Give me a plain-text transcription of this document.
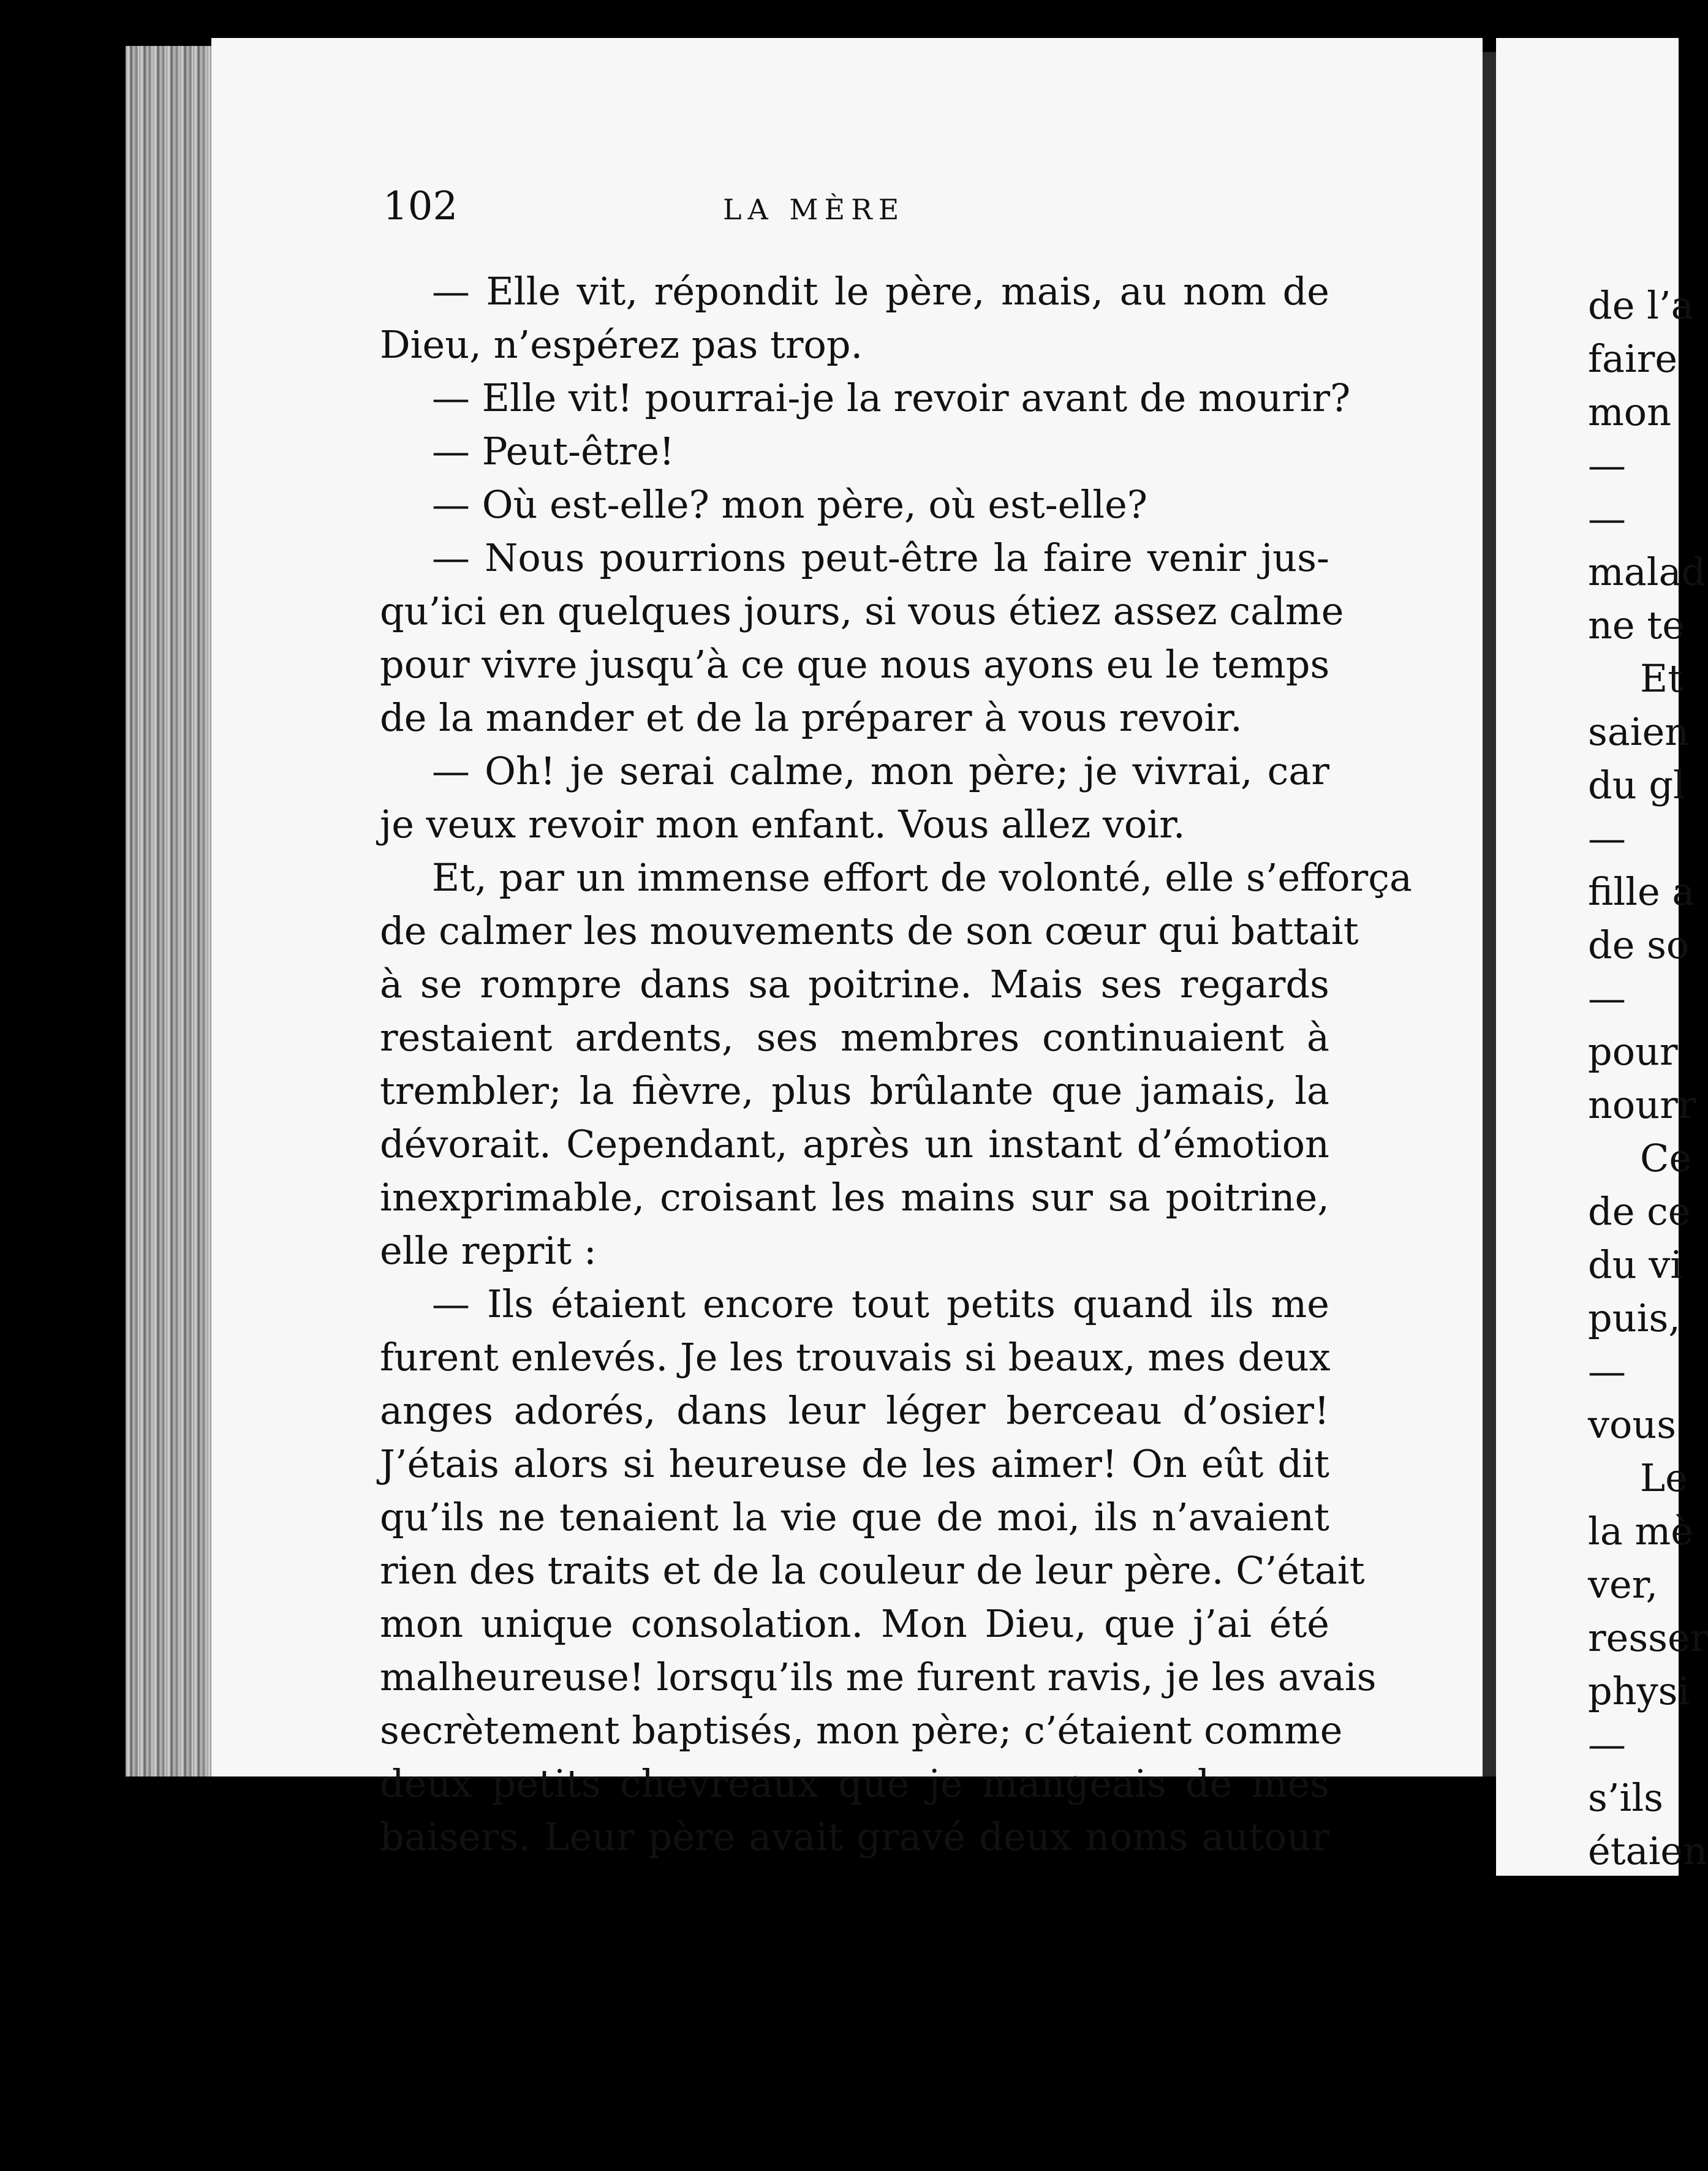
102	LA MÈRE
— Elle vit, répondit le père, mais, au nom de
Dieu, n’espérez pas trop.
— Elle vit! pourrai-je la revoir avant de mourir?
— Peut-être!
— Où est-elle? mon père, où est-elle?
— Nous pourrions peut-être la faire venir jus-
qu’ici en quelques jours, si vous étiez assez calme
pour vivre jusqu’à ce que nous ayons eu le temps
de la mander et de la préparer à vous revoir.
— Oh! je serai calme, mon père; je vivrai, car
je veux revoir mon enfant. Vous allez voir.
Et, par un immense effort de volonté, elle s’efforça
de calmer les mouvements de son cœur qui battait
à se rompre dans sa poitrine. Mais ses regards
restaient ardents, ses membres continuaient à
trembler; la fièvre, plus brûlante que jamais, la
dévorait. Cependant, après un instant d’émotion
inexprimable, croisant les mains sur sa poitrine,
elle reprit :
— Ils étaient encore tout petits quand ils me
furent enlevés. Je les trouvais si beaux, mes deux
anges adorés, dans leur léger berceau d’osier!
J’étais alors si heureuse de les aimer! On eût dit
qu’ils ne tenaient la vie que de moi, ils n’avaient
rien des traits et de la couleur de leur père. C’était
mon unique consolation. Mon Dieu, que j’ai été
malheureuse! lorsqu’ils me furent ravis, je les avais
secrètement baptisés, mon père; c’étaient comme
deux petits chevreaux que je mangeais de mes
baisers. Leur père avait gravé deux noms autour
de l’a
faire
mon
—
—
malad
ne te
Et
saien
du gl
—
fille a
de so
—
pour
nourr
Ce
de ce
du vi
puis,
—
vous
Le
la mè
ver,
resser
physi
—
s’ils
étaien
